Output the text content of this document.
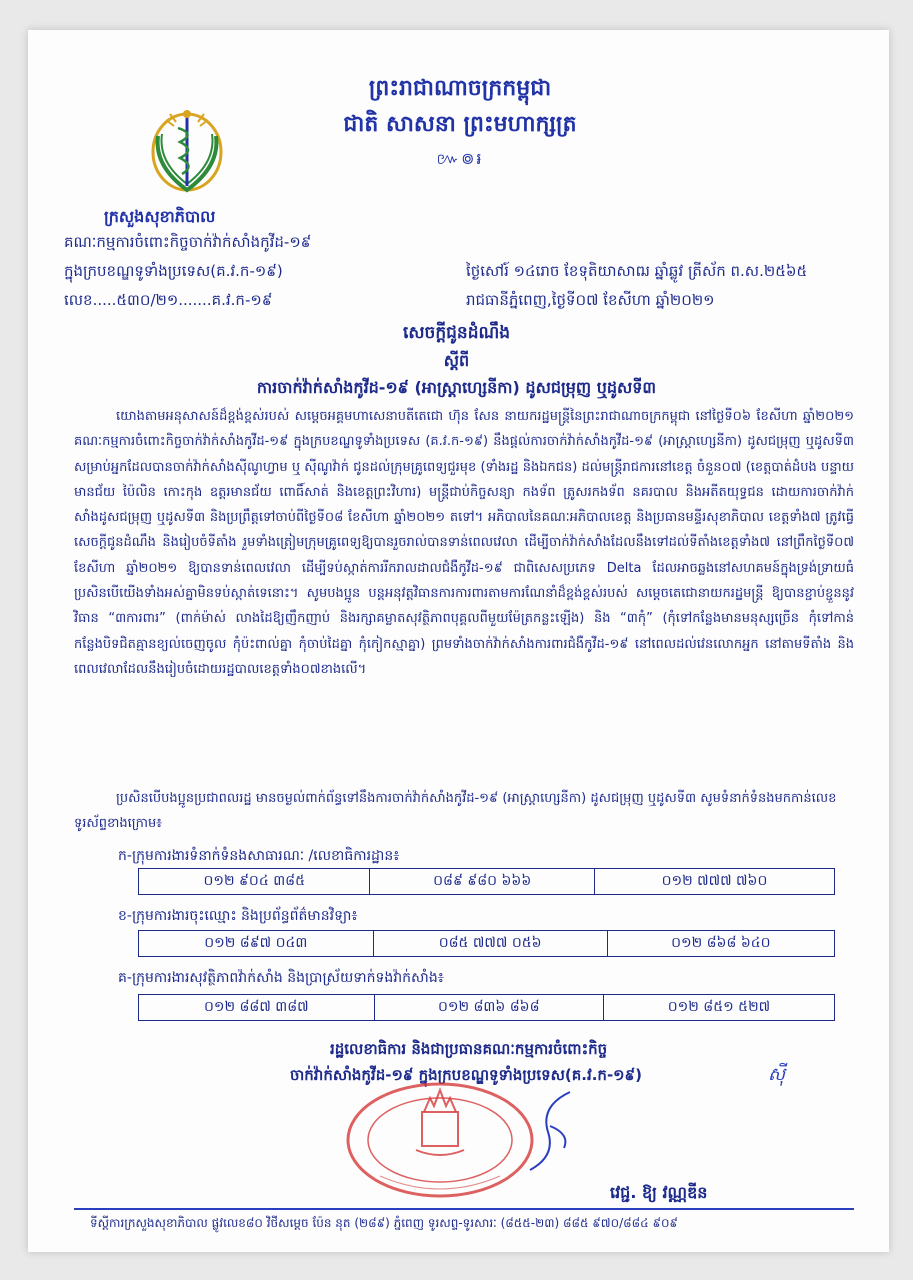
ព្រះរាជាណាចក្រកម្ពុជា
ជាតិ សាសនា ព្រះមហាក្សត្រ
៚៙៛
ក្រសួងសុខាភិបាល
គណៈកម្មការចំពោះកិច្ចចាក់វ៉ាក់សាំងកូវីដ-១៩
ក្នុងក្របខណ្ឌទូទាំងប្រទេស(គ.វ.ក-១៩)
លេខ.....៥៣០/២១.......គ.វ.ក-១៩
ថ្ងៃសៅរ៍ ១៤រោច ខែទុតិយាសាឍ ឆ្នាំឆ្លូវ ត្រីស័ក ព.ស.២៥៦៥
រាជធានីភ្នំពេញ,ថ្ងៃទី០៧ ខែសីហា ឆ្នាំ២០២១
សេចក្ដីជូនដំណឹង
ស្ដីពី
ការចាក់វ៉ាក់សាំងកូវីដ-១៩ (អាស្ត្រាហ្សេនីកា) ដូសជម្រុញ ឬដូសទី៣

យោងតាមអនុសាសន៍ដ៏ខ្ពង់ខ្ពស់របស់ សម្ដេចអគ្គមហាសេនាបតីតេជោ ហ៊ុន សែន នាយករដ្ឋមន្ត្រីនៃព្រះរាជាណាចក្រកម្ពុជា នៅថ្ងៃទី០៦ ខែសីហា ឆ្នាំ២០២១ គណៈកម្មការចំពោះកិច្ចចាក់វ៉ាក់សាំងកូវីដ-១៩ ក្នុងក្របខណ្ឌទូទាំងប្រទេស (គ.វ.ក-១៩) នឹងផ្ដល់ការចាក់វ៉ាក់សាំងកូវីដ-១៩ (អាស្ត្រាហ្សេនីកា) ដូសជម្រុញ ឬដូសទី៣ សម្រាប់អ្នកដែលបានចាក់វ៉ាក់សាំងស៊ីណូហ្វាម ឬ ស៊ីណូវ៉ាក់ ជូនដល់ក្រុមគ្រូពេទ្យជួរមុខ (ទាំងរដ្ឋ និងឯកជន) ដល់មន្ត្រីរាជការនៅខេត្ត ចំនួន០៧ (ខេត្តបាត់ដំបង បន្ទាយមានជ័យ ប៉ៃលិន កោះកុង ឧត្ដរមានជ័យ ពោធិ៍សាត់ និងខេត្តព្រះវិហារ) មន្ត្រីជាប់កិច្ចសន្យា កងទ័ព ត្រូសរកងទ័ព នគរបាល និងអតីតយុទ្ធជន ដោយការចាក់វ៉ាក់សាំងដូសជម្រុញ ឬដូសទី៣ និងប្រព្រឹត្តទៅចាប់ពីថ្ងៃទី០៨ ខែសីហា ឆ្នាំ២០២១ តទៅ។ អភិបាលនៃគណៈអភិបាលខេត្ត និងប្រធានមន្ទីរសុខាភិបាល ខេត្តទាំង៧ ត្រូវធ្វើសេចក្ដីជូនដំណឹង និងរៀបចំទីតាំង រួមទាំងត្រៀមក្រុមគ្រូពេទ្យឱ្យបានរួចរាល់បានទាន់ពេលវេលា ដើម្បីចាក់វ៉ាក់សាំងដែលនឹងទៅដល់ទីតាំងខេត្តទាំង៧ នៅព្រឹកថ្ងៃទី០៧ ខែសីហា ឆ្នាំ២០២១ ឱ្យបានទាន់ពេលវេលា ដើម្បីទប់ស្កាត់ការរីករាលដាលជំងឺកូវីដ-១៩ ជាពិសេសប្រភេទ Delta ដែលអាចឆ្លងនៅសហគមន៍ក្នុងទ្រង់ទ្រាយធំ ប្រសិនបើយើងទាំងអស់គ្នាមិនទប់ស្កាត់ទេនោះ។ សូមបងប្អូន បន្តអនុវត្តវិធានការការពារតាមការណែនាំដ៏ខ្ពង់ខ្ពស់របស់ សម្ដេចតេជោនាយករដ្ឋមន្ត្រី ឱ្យបានខ្ជាប់ខ្ជួននូវវិធាន “៣ការពារ” (ពាក់ម៉ាស់ លាងដៃឱ្យញឹកញាប់ និងរក្សាគម្លាតសុវត្ថិភាពបុគ្គលពីមួយម៉ែត្រកន្លះឡើង) និង “៣កុំ” (កុំទៅកន្លែងមានមនុស្សច្រើន កុំទៅកាន់កន្លែងបិទជិតគ្មានខ្យល់ចេញចូល កុំប៉ះពាល់គ្នា កុំចាប់ដៃគ្នា កុំកៀកស្មាគ្នា) ព្រមទាំងចាក់វ៉ាក់សាំងការពារជំងឺកូវីដ-១៩ នៅពេលដល់វេនលោកអ្នក នៅតាមទីតាំង និងពេលវេលាដែលនឹងរៀបចំដោយរដ្ឋបាលខេត្តទាំង០៧ខាងលើ។

ប្រសិនបើបងប្អូនប្រជាពលរដ្ឋ មានចម្ងល់ពាក់ព័ន្ធទៅនឹងការចាក់វ៉ាក់សាំងកូវីដ-១៩ (អាស្ត្រាហ្សេនីកា) ដូសជម្រុញ ឬដូសទី៣ សូមទំនាក់ទំនងមកកាន់លេខទូរស័ព្ទខាងក្រោម៖

ក-ក្រុមការងារទំនាក់ទំនងសាធារណៈ /លេខាធិការដ្ឋាន៖
០១២ ៩០៤ ៣៨៥	០៨៩ ៩៨០ ៦៦៦	០១២ ៧៧៧ ៧៦០
ខ-ក្រុមការងារចុះឈ្មោះ និងប្រព័ន្ធព័ត៌មានវិទ្យា៖
០១២ ៨៩៧ ០៤៣	០៨៥ ៧៧៧ ០៥៦	០១២ ៨៦៨ ៦៤០
គ-ក្រុមការងារសុវត្ថិភាពវ៉ាក់សាំង និងប្រាស្រ័យទាក់ទងវ៉ាក់សាំង៖
០១២ ៨៨៧ ៣៨៧	០១២ ៨៣៦ ៨៦៨	០១២ ៨៥១ ៥២៧
រដ្ឋលេខាធិការ និងជាប្រធានគណៈកម្មការចំពោះកិច្ច
ចាក់វ៉ាក់សាំងកូវីដ-១៩ ក្នុងក្របខណ្ឌទូទាំងប្រទេស(គ.វ.ក-១៩)	ស៊ី
វេជ្ជ. ឱ្យ វណ្ណឌីន
ទីស្តីការក្រសួងសុខាភិបាល ផ្លូវលេខ៨០ វិថីសម្ដេច ប៉ែន នុត (២៨៩) ភ្នំពេញ ទូរសព្ទ-ទូរសារៈ (៨៥៥-២៣) ៨៨៥ ៩៧០/៨៨៤ ៩០៩
